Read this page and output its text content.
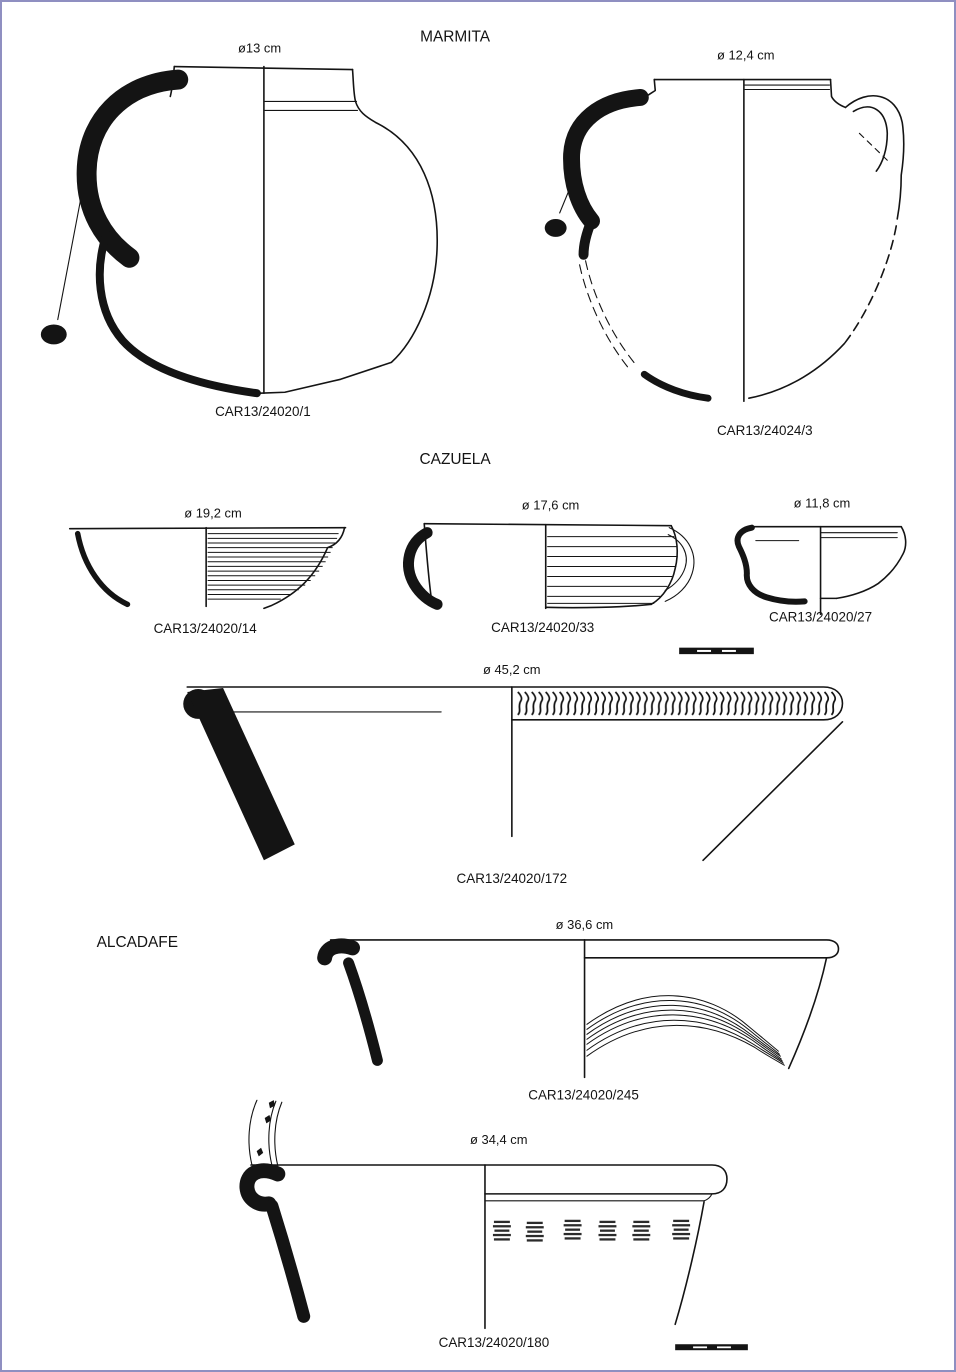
MARMITA
ø13 cm
CAR13/24020/1
ø 12,4 cm
CAR13/24024/3
CAZUELA
ø 19,2 cm
CAR13/24020/14
ø 17,6 cm
CAR13/24020/33
ø 11,8 cm
CAR13/24020/27
ø 45,2 cm
CAR13/24020/172
ALCADAFE
ø 36,6 cm
CAR13/24020/245
ø 34,4 cm
CAR13/24020/180
